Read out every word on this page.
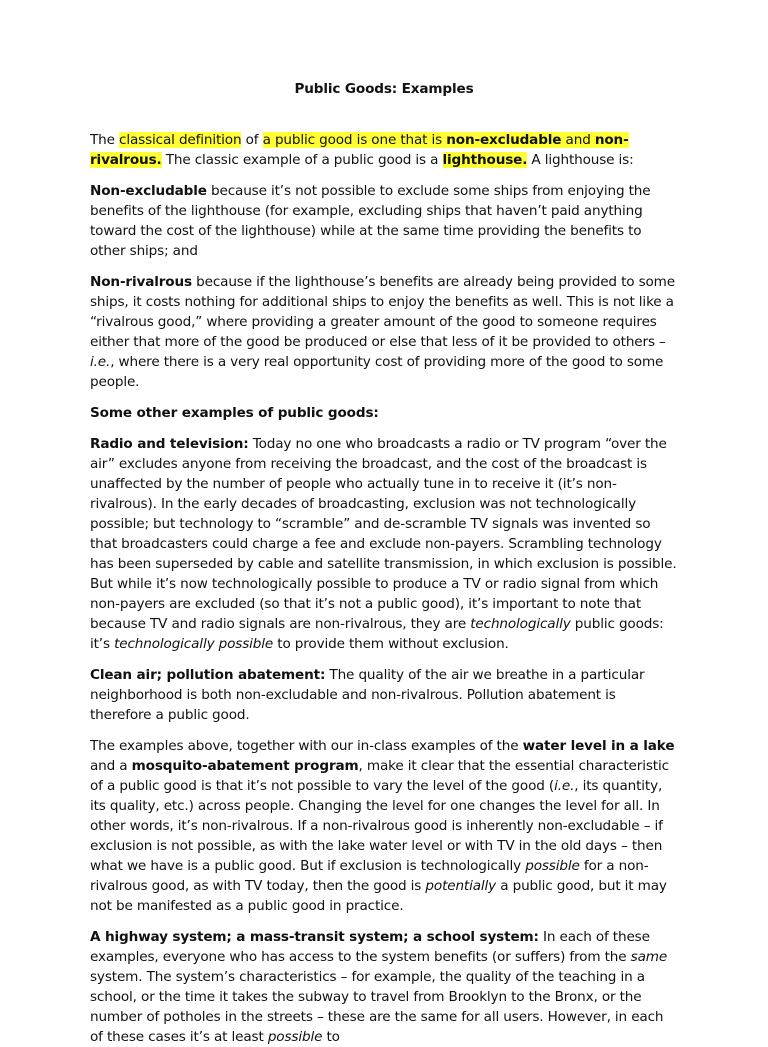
Public Goods: Examples

The classical definition of a public good is one that is non-excludable and non-rivalrous. The classic example of a public good is a lighthouse. A lighthouse is:

Non-excludable because it’s not possible to exclude some ships from enjoying the benefits of the lighthouse (for example, excluding ships that haven’t paid anything toward the cost of the lighthouse) while at the same time providing the benefits to other ships; and

Non-rivalrous because if the lighthouse’s benefits are already being provided to some ships, it costs nothing for additional ships to enjoy the benefits as well. This is not like a “rivalrous good,” where providing a greater amount of the good to someone requires either that more of the good be produced or else that less of it be provided to others – i.e., where there is a very real opportunity cost of providing more of the good to some people.

Some other examples of public goods:

Radio and television: Today no one who broadcasts a radio or TV program “over the air” excludes anyone from receiving the broadcast, and the cost of the broadcast is unaffected by the number of people who actually tune in to receive it (it’s non-rivalrous). In the early decades of broadcasting, exclusion was not technologically possible; but technology to “scramble” and de-scramble TV signals was invented so that broadcasters could charge a fee and exclude non-payers. Scrambling technology has been superseded by cable and satellite transmission, in which exclusion is possible. But while it’s now technologically possible to produce a TV or radio signal from which non-payers are excluded (so that it’s not a public good), it’s important to note that because TV and radio signals are non-rivalrous, they are technologically public goods: it’s technologically possible to provide them without exclusion.

Clean air; pollution abatement: The quality of the air we breathe in a particular neighborhood is both non-excludable and non-rivalrous. Pollution abatement is therefore a public good.

The examples above, together with our in-class examples of the water level in a lake and a mosquito-abatement program, make it clear that the essential characteristic of a public good is that it’s not possible to vary the level of the good (i.e., its quantity, its quality, etc.) across people. Changing the level for one changes the level for all. In other words, it’s non-rivalrous. If a non-rivalrous good is inherently non-excludable – if exclusion is not possible, as with the lake water level or with TV in the old days – then what we have is a public good. But if exclusion is technologically possible for a non-rivalrous good, as with TV today, then the good is potentially a public good, but it may not be manifested as a public good in practice.

A highway system; a mass-transit system; a school system: In each of these examples, everyone who has access to the system benefits (or suffers) from the same system. The system’s characteristics – for example, the quality of the teaching in a school, or the time it takes the subway to travel from Brooklyn to the Bronx, or the number of potholes in the streets – these are the same for all users. However, in each of these cases it’s at least possible to
